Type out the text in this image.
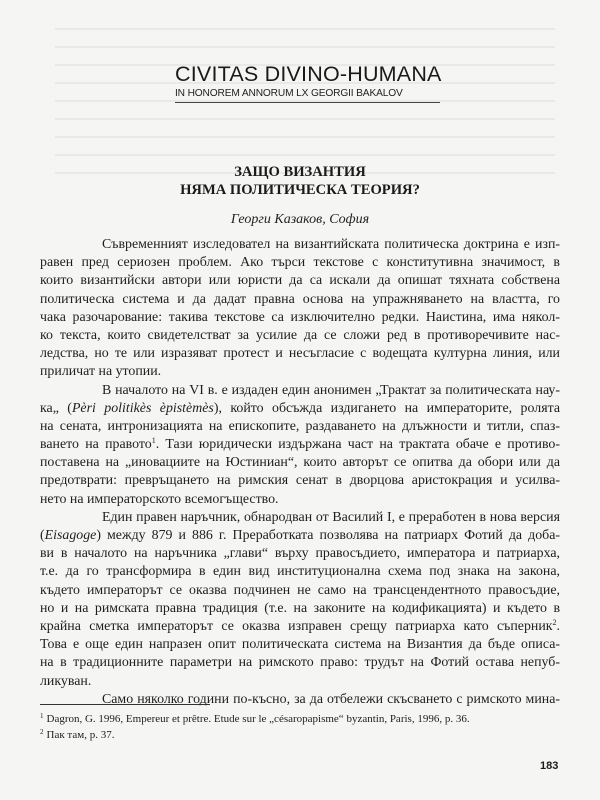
CIVITAS DIVINO-HUMANA
IN HONOREM ANNORUM LX GEORGII BAKALOV
ЗАЩО ВИЗАНТИЯ
НЯМА ПОЛИТИЧЕСКА ТЕОРИЯ?
Георги Казаков, София
Съвременният изследовател на византийската политическа доктрина е изп-
равен пред сериозен проблем. Ако търси текстове с конститутивна значимост, в
които византийски автори или юристи да са искали да опишат тяхната собствена
политическа система и да дадат правна основа на упражняването на властта, го
чака разочарование: такива текстове са изключително редки. Наистина, има някол-
ко текста, които свидетелстват за усилие да се сложи ред в противоречивите нас-
ледства, но те или изразяват протест и несъгласие с водещата културна линия, или
приличат на утопии.
В началото на VI в. е издаден един анонимен „Трактат за политическата нау-
ка„ (Pèri politikès èpistèmès), който обсъжда издигането на императорите, ролята
на сената, интронизацията на епископите, раздаването на длъжности и титли, спаз-
ването на правото$^1$. Тази юридически издържана част на трактата обаче е противо-
поставена на „иновациите на Юстиниан“, които авторът се опитва да обори или да
предотврати: превръщането на римския сенат в дворцова аристокрация и усилва-
нето на императорското всемогъщество.
Един правен наръчник, обнародван от Василий I, е преработен в нова версия
(Eisagoge) между 879 и 886 г. Преработката позволява на патриарх Фотий да доба-
ви в началото на наръчника „глави“ върху правосъдието, императора и патриарха,
т.е. да го трансформира в един вид институционална схема под знака на закона,
където императорът се оказва подчинен не само на трансцендентното правосъдие,
но и на римската правна традиция (т.е. на законите на кодификацията) и където в
крайна сметка императорът се оказва изправен срещу патриарха като съперник$^2$.
Това е още един напразен опит политическата система на Византия да бъде описа-
на в традиционните параметри на римското право: трудът на Фотий остава непуб-
ликуван.
Само няколко години по-късно, за да отбележи скъсването с римското мина-
$^1$ Dagron, G. 1996, Empereur et prêtre. Etude sur le „césaropapisme“ byzantin, Paris, 1996, p. 36.
$^2$ Пак там, p. 37.
183
